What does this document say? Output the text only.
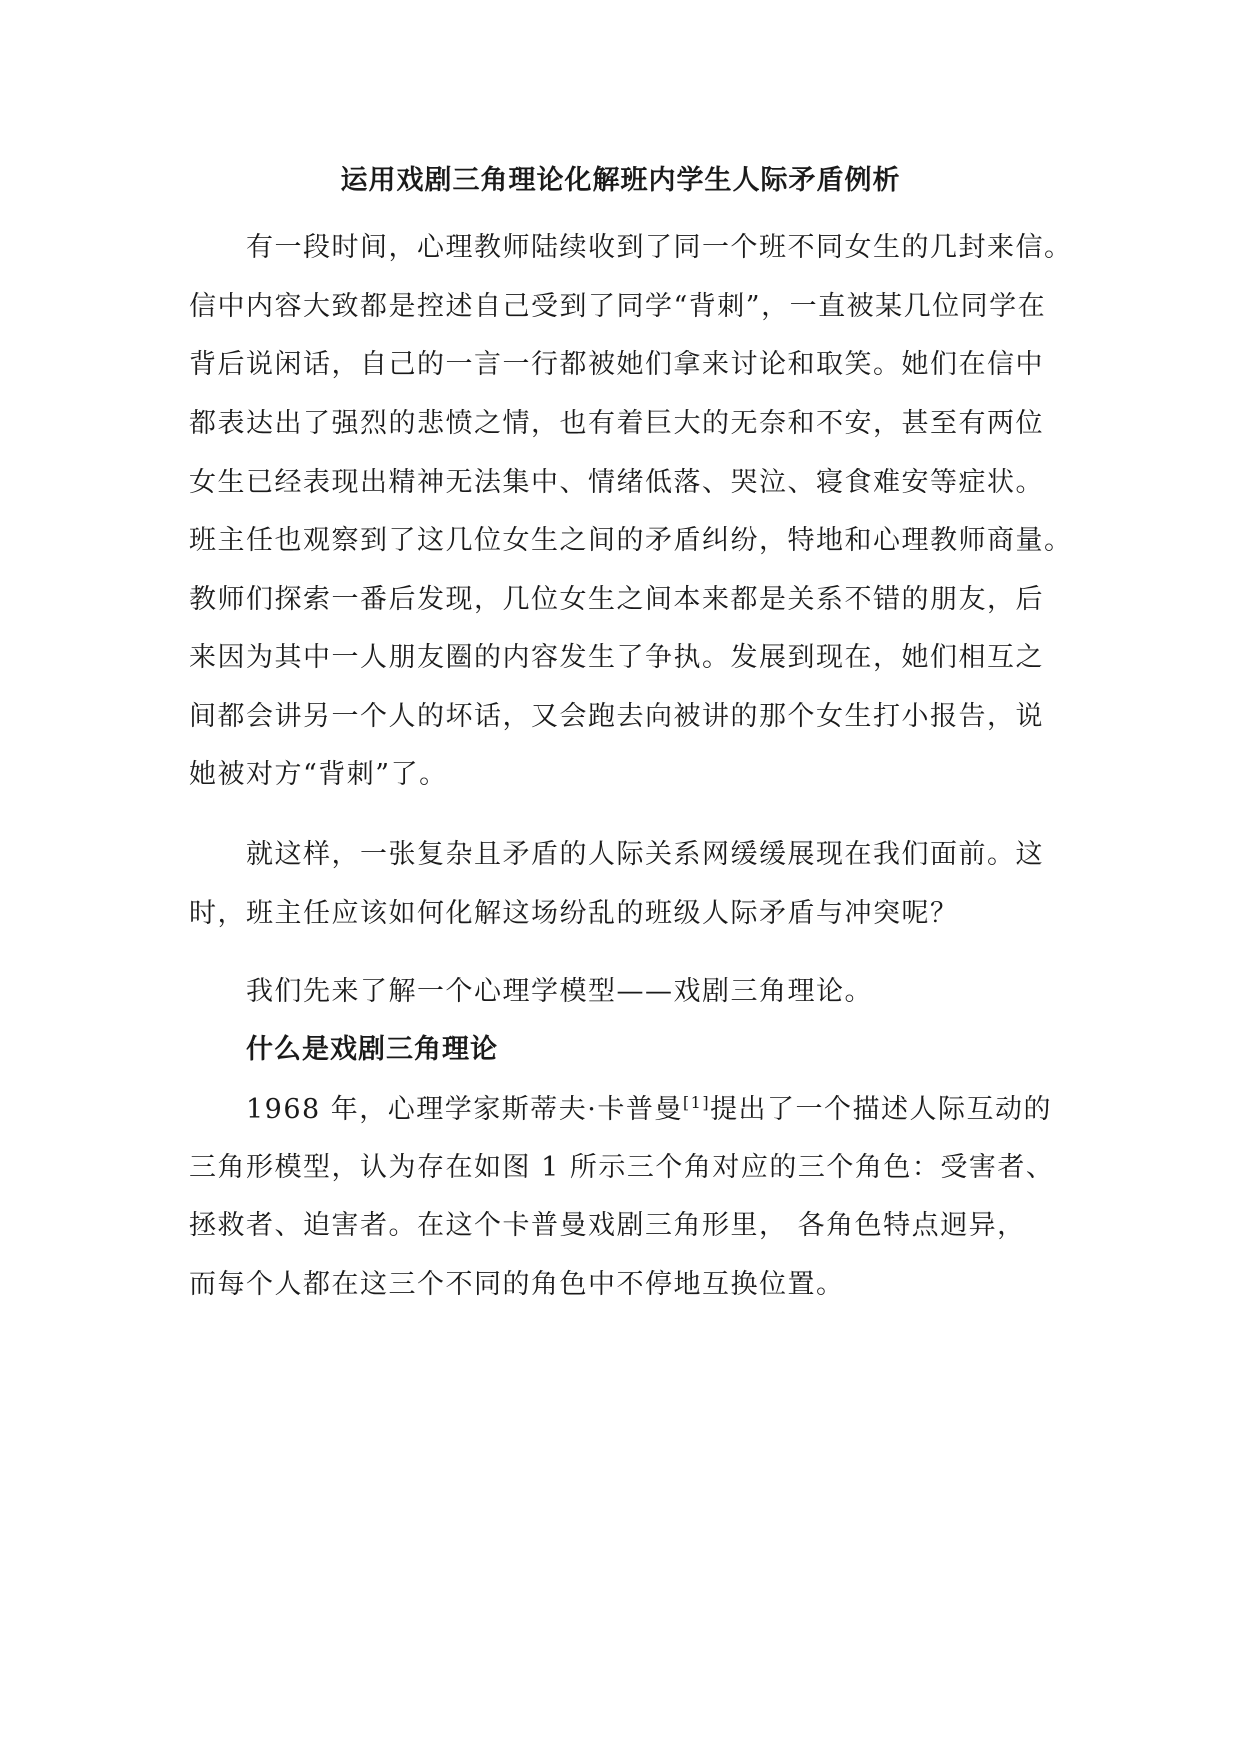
运用戏剧三角理论化解班内学生人际矛盾例析
有一段时间，心理教师陆续收到了同一个班不同女生的几封来信。
信中内容大致都是控述自己受到了同学“背刺”，一直被某几位同学在
背后说闲话，自己的一言一行都被她们拿来讨论和取笑。她们在信中
都表达出了强烈的悲愤之情，也有着巨大的无奈和不安，甚至有两位
女生已经表现出精神无法集中、情绪低落、哭泣、寝食难安等症状。
班主任也观察到了这几位女生之间的矛盾纠纷，特地和心理教师商量。
教师们探索一番后发现，几位女生之间本来都是关系不错的朋友，后
来因为其中一人朋友圈的内容发生了争执。发展到现在，她们相互之
间都会讲另一个人的坏话，又会跑去向被讲的那个女生打小报告，说
她被对方“背刺”了。
就这样，一张复杂且矛盾的人际关系网缓缓展现在我们面前。这
时，班主任应该如何化解这场纷乱的班级人际矛盾与冲突呢？
我们先来了解一个心理学模型——戏剧三角理论。
什么是戏剧三角理论
1968 年，心理学家斯蒂夫·卡普曼[1]提出了一个描述人际互动的
三角形模型，认为存在如图 1 所示三个角对应的三个角色：受害者、
拯救者、迫害者。在这个卡普曼戏剧三角形里， 各角色特点迥异，
而每个人都在这三个不同的角色中不停地互换位置。
